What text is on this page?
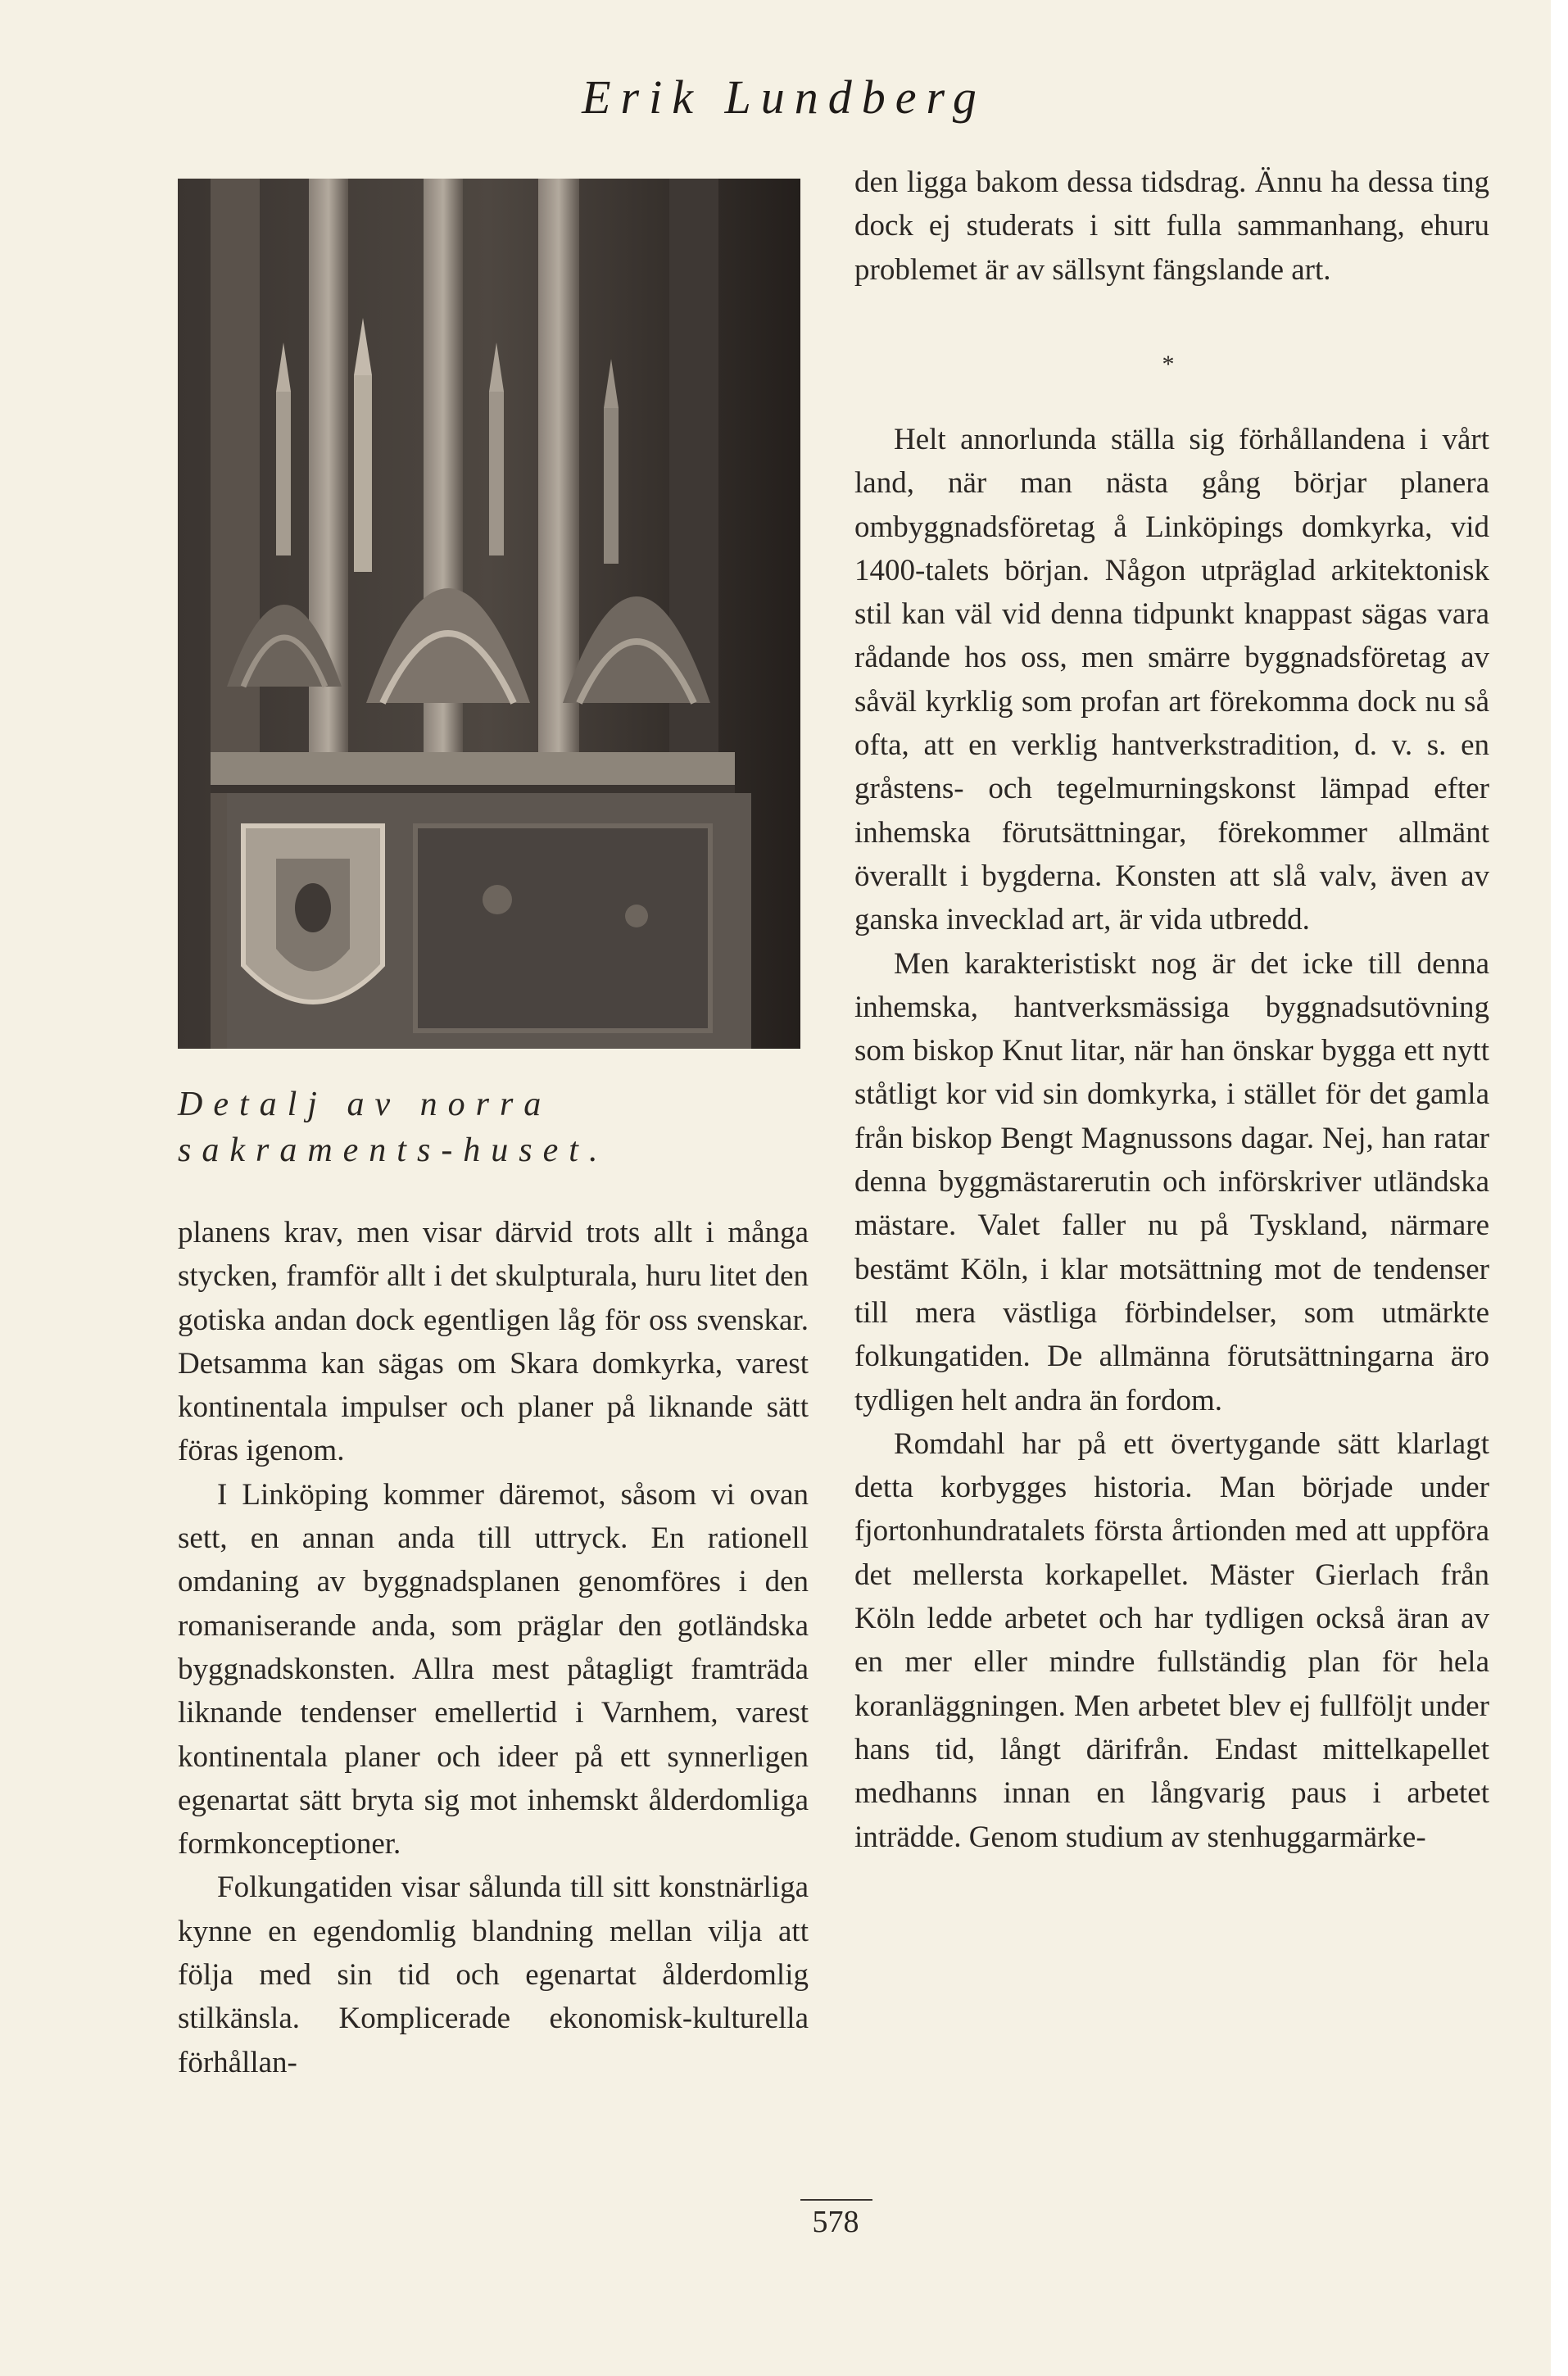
Erik Lundberg
Detalj av norra sakraments-huset.

planens krav, men visar därvid trots allt i många stycken, framför allt i det skulpturala, huru litet den gotiska andan dock egentligen låg för oss svenskar. Detsamma kan sägas om Skara domkyrka, varest kontinentala impulser och planer på liknande sätt föras igenom.

I Linköping kommer däremot, såsom vi ovan sett, en annan anda till uttryck. En rationell omdaning av byggnadsplanen genomföres i den romaniserande anda, som präglar den gotländska byggnadskonsten. Allra mest påtagligt framträda liknande tendenser emellertid i Varnhem, varest kontinentala planer och ideer på ett synnerligen egenartat sätt bryta sig mot inhemskt ålderdomliga formkonceptioner.

Folkungatiden visar sålunda till sitt konstnärliga kynne en egendomlig blandning mellan vilja att följa med sin tid och egenartat ålderdomlig stilkänsla. Komplicerade ekonomisk-kulturella förhållan-

den ligga bakom dessa tidsdrag. Ännu ha dessa ting dock ej studerats i sitt fulla sammanhang, ehuru problemet är av sällsynt fängslande art.

*

Helt annorlunda ställa sig förhållandena i vårt land, när man nästa gång börjar planera ombyggnadsföretag å Linköpings domkyrka, vid 1400-talets början. Någon utpräglad arkitektonisk stil kan väl vid denna tidpunkt knappast sägas vara rådande hos oss, men smärre byggnadsföretag av såväl kyrklig som profan art förekomma dock nu så ofta, att en verklig hantverkstradition, d. v. s. en gråstens- och tegelmurningskonst lämpad efter inhemska förutsättningar, förekommer allmänt överallt i bygderna. Konsten att slå valv, även av ganska invecklad art, är vida utbredd.

Men karakteristiskt nog är det icke till denna inhemska, hantverksmässiga byggnadsutövning som biskop Knut litar, när han önskar bygga ett nytt ståtligt kor vid sin domkyrka, i stället för det gamla från biskop Bengt Magnussons dagar. Nej, han ratar denna byggmästarerutin och införskriver utländska mästare. Valet faller nu på Tyskland, närmare bestämt Köln, i klar motsättning mot de tendenser till mera västliga förbindelser, som utmärkte folkungatiden. De allmänna förutsättningarna äro tydligen helt andra än fordom.

Romdahl har på ett övertygande sätt klarlagt detta korbygges historia. Man började under fjortonhundratalets första årtionden med att uppföra det mellersta korkapellet. Mäster Gierlach från Köln ledde arbetet och har tydligen också äran av en mer eller mindre fullständig plan för hela koranläggningen. Men arbetet blev ej fullföljt under hans tid, långt därifrån. Endast mittelkapellet medhanns innan en långvarig paus i arbetet inträdde. Genom studium av stenhuggarmärke-

578
